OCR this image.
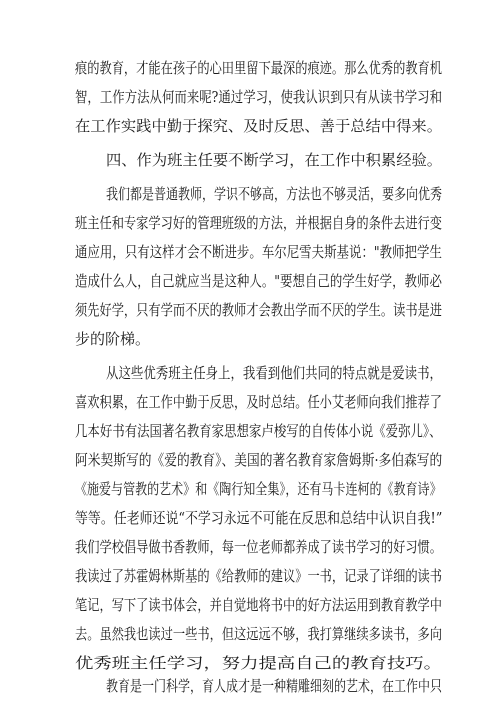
痕的教育，才能在孩子的心田里留下最深的痕迹。那么优秀的教育机
智，工作方法从何而来呢?通过学习，使我认识到只有从读书学习和
在工作实践中勤于探究、及时反思、善于总结中得来。
四、作为班主任要不断学习，在工作中积累经验。
我们都是普通教师，学识不够高，方法也不够灵活，要多向优秀
班主任和专家学习好的管理班级的方法，并根据自身的条件去进行变
通应用，只有这样才会不断进步。车尔尼雪夫斯基说："教师把学生
造成什么人，自己就应当是这种人。"要想自己的学生好学，教师必
须先好学，只有学而不厌的教师才会教出学而不厌的学生。读书是进
步的阶梯。
从这些优秀班主任身上，我看到他们共同的特点就是爱读书，
喜欢积累，在工作中勤于反思，及时总结。任小艾老师向我们推荐了
几本好书有法国著名教育家思想家卢梭写的自传体小说《爱弥儿》、
阿米契斯写的《爱的教育》、美国的著名教育家詹姆斯·多伯森写的
《施爱与管教的艺术》和《陶行知全集》，还有马卡连柯的《教育诗》
等等。任老师还说“不学习永远不可能在反思和总结中认识自我!”
我们学校倡导做书香教师，每一位老师都养成了读书学习的好习惯。
我读过了苏霍姆林斯基的《给教师的建议》一书，记录了详细的读书
笔记，写下了读书体会，并自觉地将书中的好方法运用到教育教学中
去。虽然我也读过一些书，但这远远不够，我打算继续多读书，多向
优秀班主任学习，努力提高自己的教育技巧。
教育是一门科学，育人成才是一种精雕细刻的艺术，在工作中只
